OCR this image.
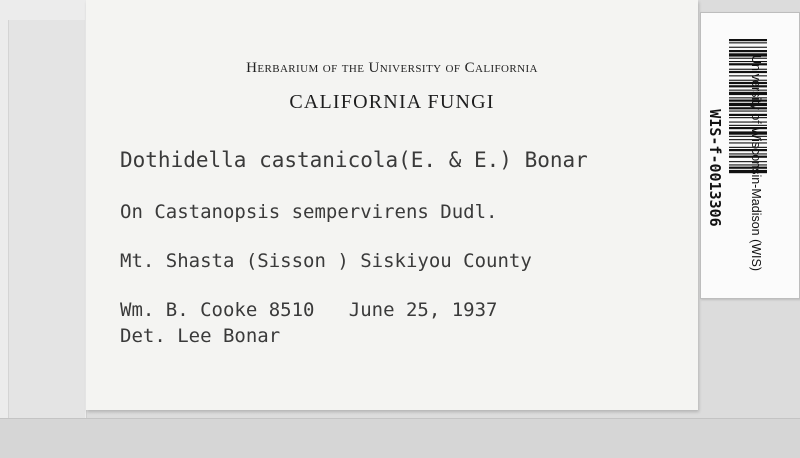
Herbarium of the University of California
CALIFORNIA FUNGI
Dothidella castanicola(E. & E.) Bonar
On Castanopsis sempervirens Dudl.
Mt. Shasta (Sisson ) Siskiyou County
Wm. B. Cooke 8510   June 25, 1937
Det. Lee Bonar
WIS-f-0013306 University of Wisconsin-Madison (WIS)
